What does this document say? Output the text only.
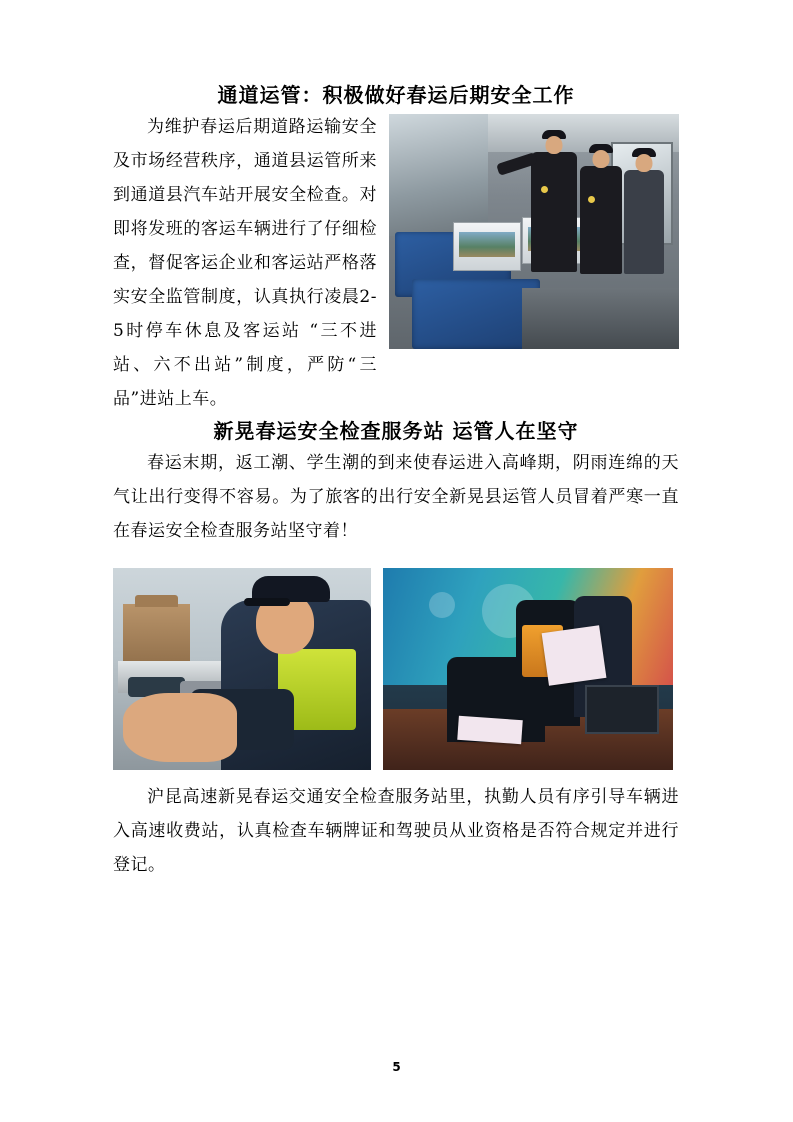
通道运管：积极做好春运后期安全工作

为维护春运后期道路运输安全及市场经营秩序，通道县运管所来到通道县汽车站开展安全检查。对即将发班的客运车辆进行了仔细检查，督促客运企业和客运站严格落实安全监管制度，认真执行凌晨2-5时停车休息及客运站 “三不进站、六不出站”制度，严防“三品”进站上车。

新晃春运安全检查服务站 运管人在坚守

春运末期，返工潮、学生潮的到来使春运进入高峰期，阴雨连绵的天气让出行变得不容易。为了旅客的出行安全新晃县运管人员冒着严寒一直在春运安全检查服务站坚守着！

沪昆高速新晃春运交通安全检查服务站里，执勤人员有序引导车辆进入高速收费站，认真检查车辆牌证和驾驶员从业资格是否符合规定并进行登记。

5
